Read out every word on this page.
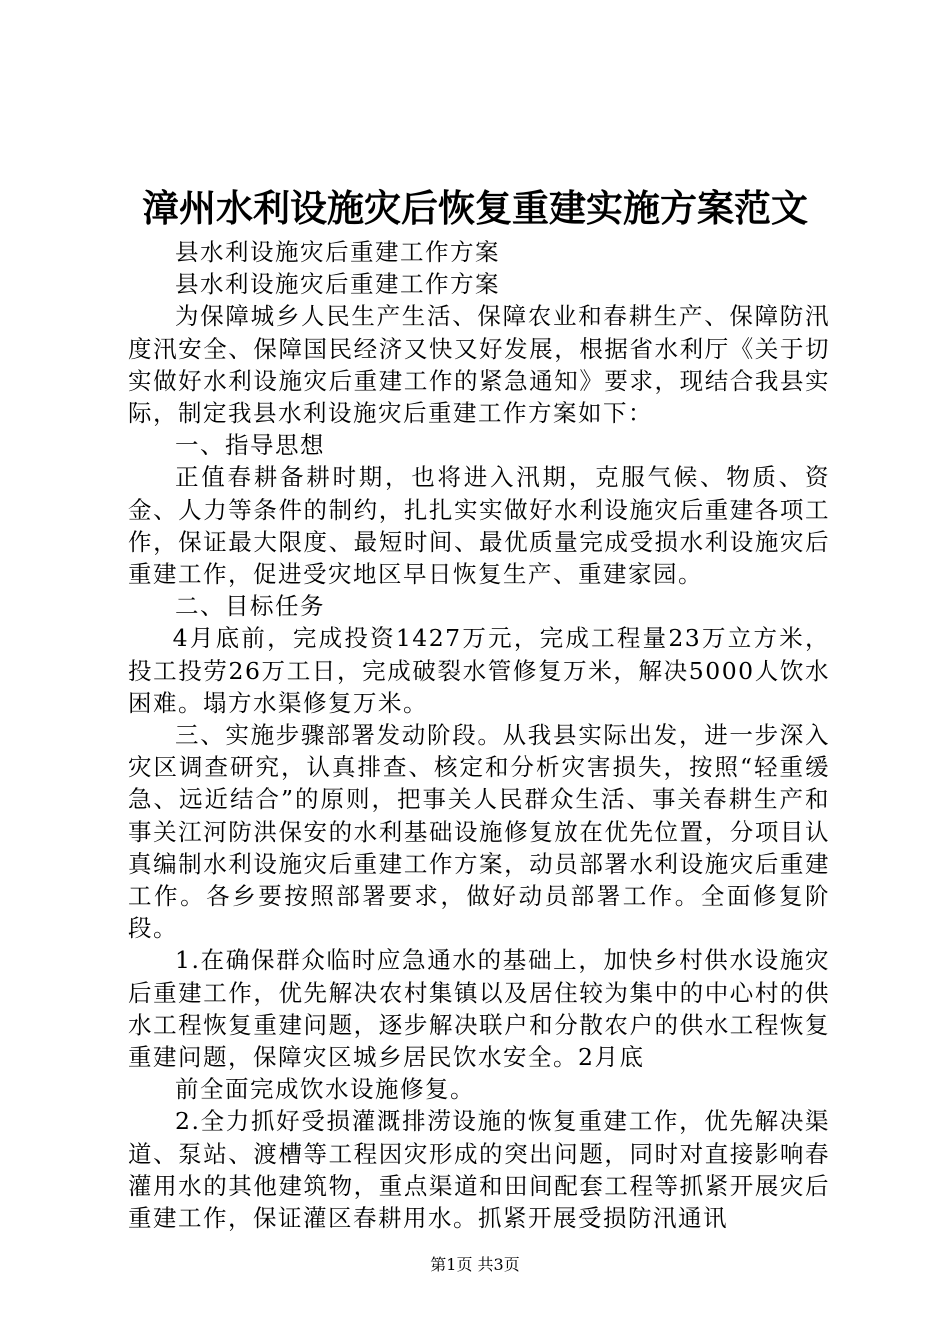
漳州水利设施灾后恢复重建实施方案范文

县水利设施灾后重建工作方案

县水利设施灾后重建工作方案

为保障城乡人民生产生活、保障农业和春耕生产、保障防汛度汛安全、保障国民经济又快又好发展，根据省水利厅《关于切实做好水利设施灾后重建工作的紧急通知》要求，现结合我县实际，制定我县水利设施灾后重建工作方案如下：

一、指导思想

正值春耕备耕时期，也将进入汛期，克服气候、物质、资金、人力等条件的制约，扎扎实实做好水利设施灾后重建各项工作，保证最大限度、最短时间、最优质量完成受损水利设施灾后重建工作，促进受灾地区早日恢复生产、重建家园。

二、目标任务

4月底前，完成投资1427万元，完成工程量23万立方米，投工投劳26万工日，完成破裂水管修复万米，解决5000人饮水困难。塌方水渠修复万米。

三、实施步骤部署发动阶段。从我县实际出发，进一步深入灾区调查研究，认真排查、核定和分析灾害损失，按照“轻重缓急、远近结合”的原则，把事关人民群众生活、事关春耕生产和事关江河防洪保安的水利基础设施修复放在优先位置，分项目认真编制水利设施灾后重建工作方案，动员部署水利设施灾后重建工作。各乡要按照部署要求，做好动员部署工作。全面修复阶段。

1.在确保群众临时应急通水的基础上，加快乡村供水设施灾后重建工作，优先解决农村集镇以及居住较为集中的中心村的供水工程恢复重建问题，逐步解决联户和分散农户的供水工程恢复重建问题，保障灾区城乡居民饮水安全。2月底

前全面完成饮水设施修复。

2.全力抓好受损灌溉排涝设施的恢复重建工作，优先解决渠道、泵站、渡槽等工程因灾形成的突出问题，同时对直接影响春灌用水的其他建筑物，重点渠道和田间配套工程等抓紧开展灾后重建工作，保证灌区春耕用水。抓紧开展受损防汛通讯

第1页 共3页
